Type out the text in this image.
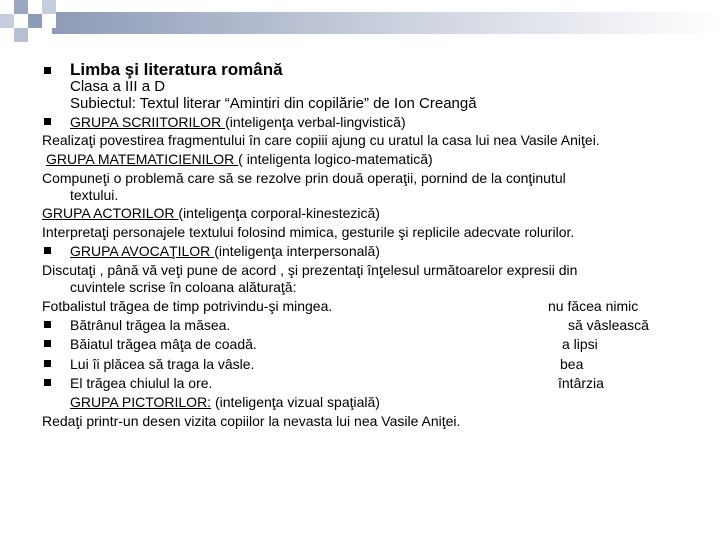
Limba şi literatura română
Clasa a III a D
Subiectul: Textul literar “Amintiri din copilărie” de Ion Creangă
GRUPA SCRIITORILOR (inteligenţa verbal-lingvistică)
Realizaţi povestirea fragmentului în care copiii ajung cu uratul la casa lui nea Vasile Aniţei.
GRUPA MATEMATICIENILOR ( inteligenta logico-matematică)
Compuneţi o problemă care să se rezolve prin două operaţii, pornind de la conţinutul
textului.
GRUPA ACTORILOR (inteligenţa corporal-kinestezică)
Interpretaţi personajele textului folosind mimica, gesturile şi replicile adecvate rolurilor.
GRUPA AVOCAŢILOR (inteligenţa interpersonală)
Discutaţi , până vă veţi pune de acord , şi prezentaţi înţelesul următoarelor expresii din
cuvintele scrise în coloana alăturaţă:
Fotbalistul trăgea de timp potrivindu-şi mingea.	nu făcea nimic
Bătrânul trăgea la măsea.	să vâslească
Băiatul trăgea mâţa de coadă.	a lipsi
Lui îi plăcea să traga la vâsle.	bea
El trăgea chiulul la ore.	întârzia
GRUPA PICTORILOR: (inteligenţa vizual spaţială)
Redaţi printr-un desen vizita copiilor la nevasta lui nea Vasile Aniţei.
